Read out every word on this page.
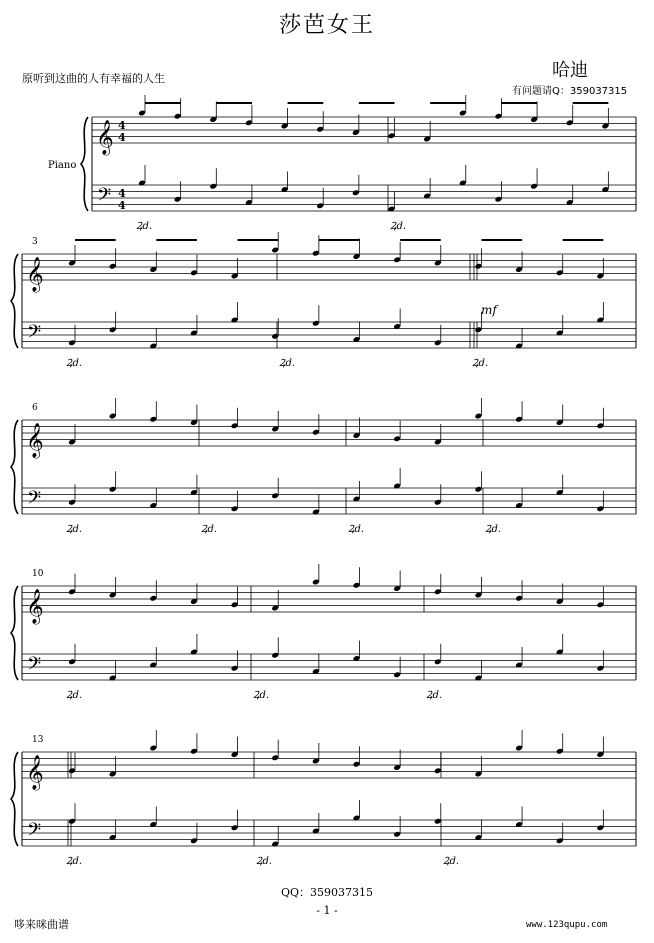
莎芭女王
原听到这曲的人有幸福的人生	哈迪
有问题请Q：359037315
𝄞
𝄢
4
4
4
4
Piano
Ꝝd.	Ꝝd.
𝄞
𝄢
3
Ꝝd.	Ꝝd.	Ꝝd.
𝄞
𝄢
6
Ꝝd.	Ꝝd.	Ꝝd.	Ꝝd.
𝄞
𝄢
10
Ꝝd.	Ꝝd.	Ꝝd.
𝄞
𝄢
13
Ꝝd.	Ꝝd.	Ꝝd.
mf
QQ：359037315
- 1 -
哆来咪曲谱	www.123qupu.com
